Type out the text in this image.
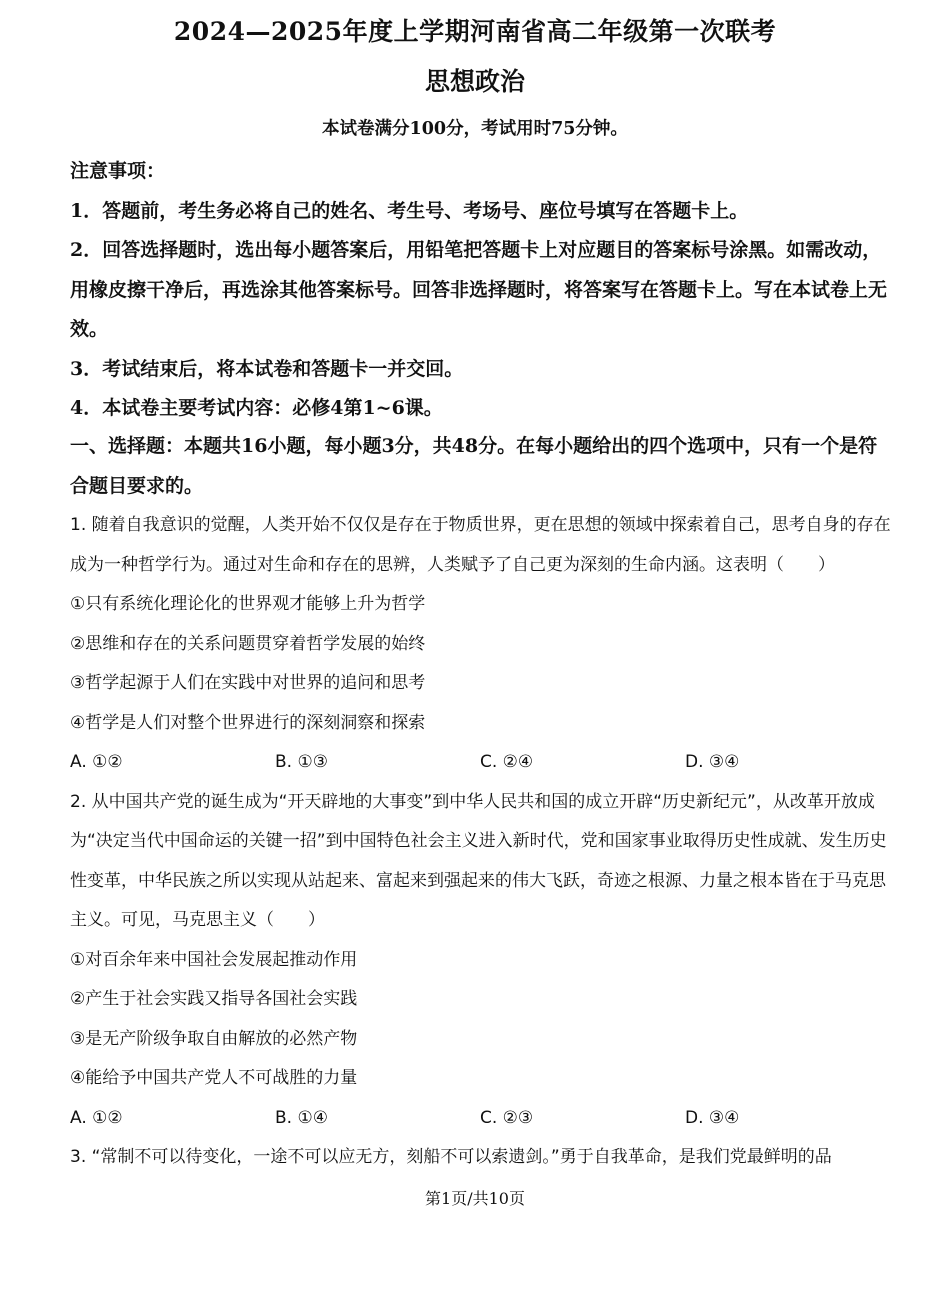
2024—2025年度上学期河南省高二年级第一次联考
思想政治
本试卷满分100分，考试用时75分钟。

注意事项：

1．答题前，考生务必将自己的姓名、考生号、考场号、座位号填写在答题卡上。

2．回答选择题时，选出每小题答案后，用铅笔把答题卡上对应题目的答案标号涂黑。如需改动，用橡皮擦干净后，再选涂其他答案标号。回答非选择题时，将答案写在答题卡上。写在本试卷上无效。

3．考试结束后，将本试卷和答题卡一并交回。

4．本试卷主要考试内容：必修4第1~6课。

一、选择题：本题共16小题，每小题3分，共48分。在每小题给出的四个选项中，只有一个是符合题目要求的。

1. 随着自我意识的觉醒，人类开始不仅仅是存在于物质世界，更在思想的领域中探索着自己，思考自身的存在成为一种哲学行为。通过对生命和存在的思辨，人类赋予了自己更为深刻的生命内涵。这表明（　　）

①只有系统化理论化的世界观才能够上升为哲学

②思维和存在的关系问题贯穿着哲学发展的始终

③哲学起源于人们在实践中对世界的追问和思考

④哲学是人们对整个世界进行的深刻洞察和探索

A. ①②	B. ①③	C. ②④	D. ③④

2. 从中国共产党的诞生成为“开天辟地的大事变”到中华人民共和国的成立开辟“历史新纪元”，从改革开放成为“决定当代中国命运的关键一招”到中国特色社会主义进入新时代，党和国家事业取得历史性成就、发生历史性变革，中华民族之所以实现从站起来、富起来到强起来的伟大飞跃，奇迹之根源、力量之根本皆在于马克思主义。可见，马克思主义（　　）

①对百余年来中国社会发展起推动作用

②产生于社会实践又指导各国社会实践

③是无产阶级争取自由解放的必然产物

④能给予中国共产党人不可战胜的力量

A. ①②	B. ①④	C. ②③	D. ③④

3. “常制不可以待变化，一途不可以应无方，刻船不可以索遗剑。”勇于自我革命，是我们党最鲜明的品

第1页/共10页
